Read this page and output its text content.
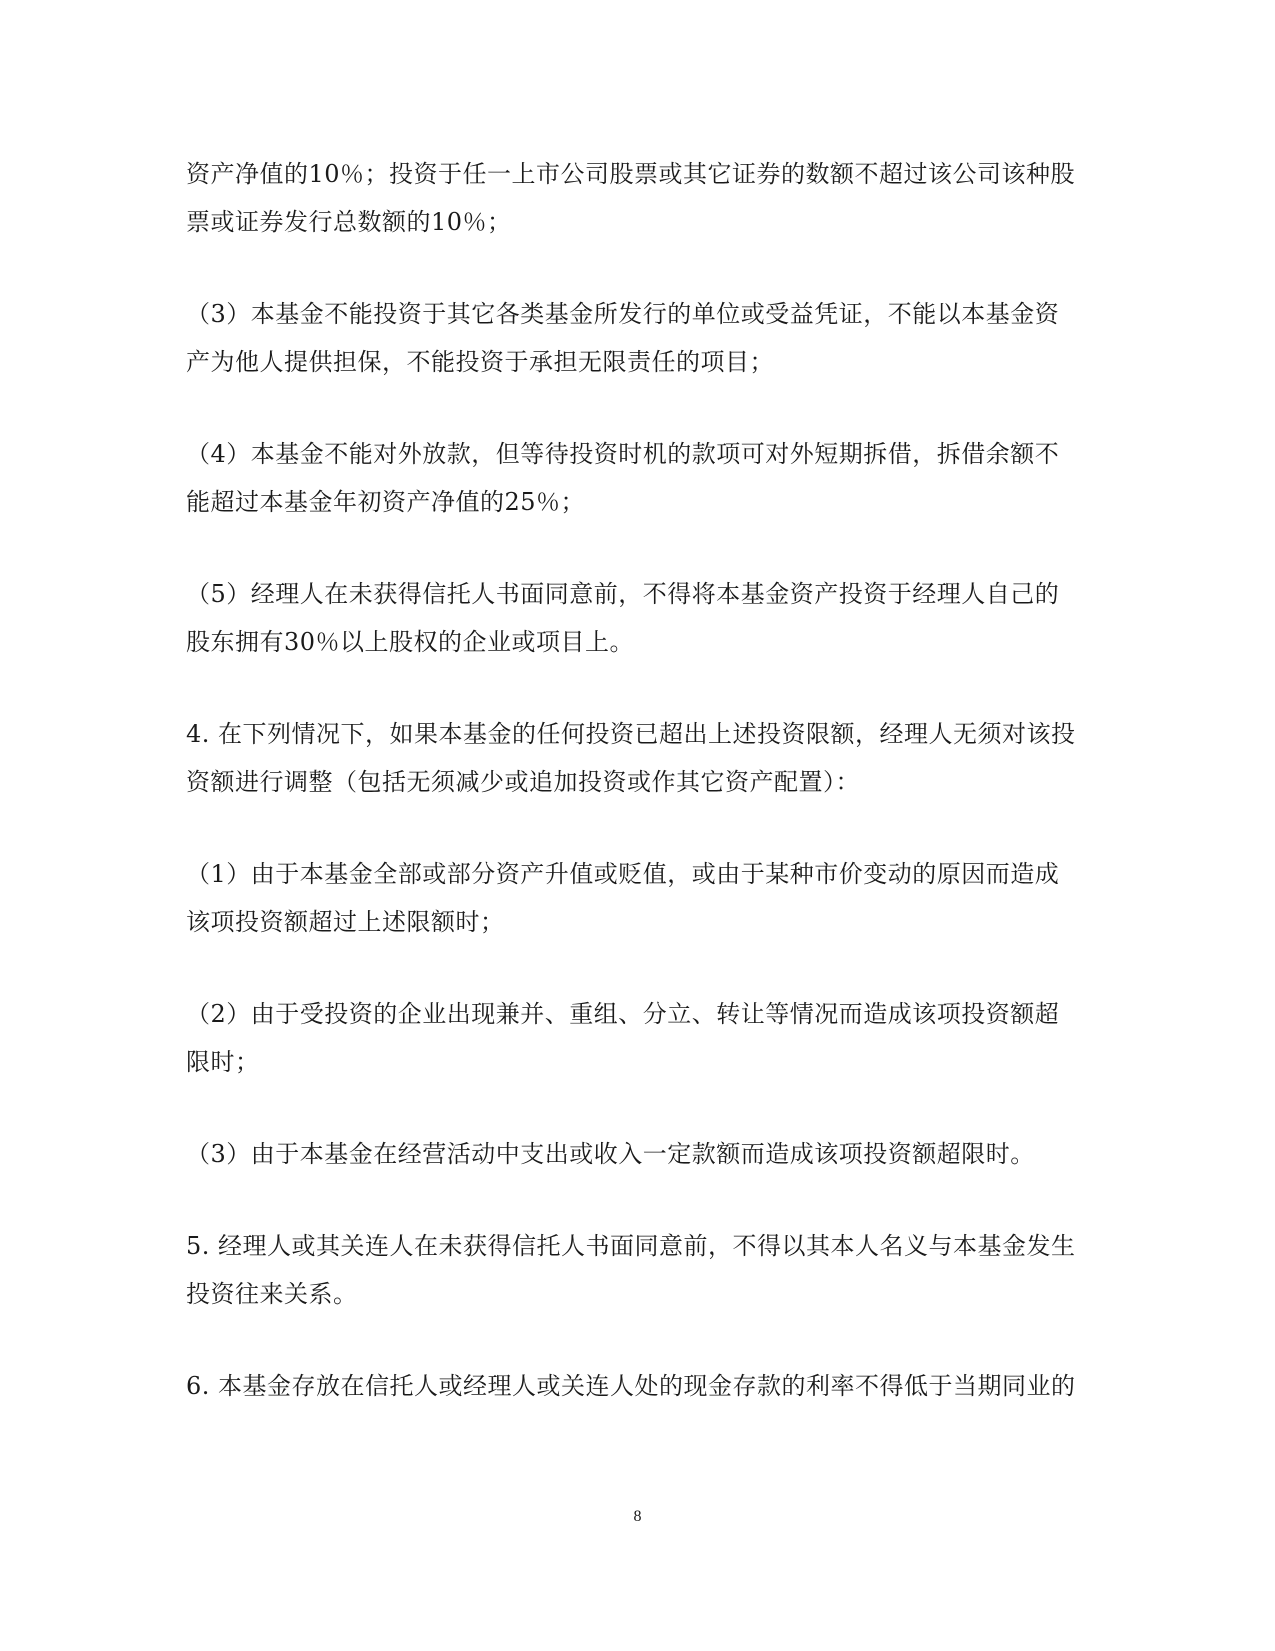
资产净值的10％；投资于任一上市公司股票或其它证券的数额不超过该公司该种股
票或证券发行总数额的10％；

（3）本基金不能投资于其它各类基金所发行的单位或受益凭证，不能以本基金资
产为他人提供担保，不能投资于承担无限责任的项目；

（4）本基金不能对外放款，但等待投资时机的款项可对外短期拆借，拆借余额不
能超过本基金年初资产净值的25％；

（5）经理人在未获得信托人书面同意前，不得将本基金资产投资于经理人自己的
股东拥有30％以上股权的企业或项目上。

4. 在下列情况下，如果本基金的任何投资已超出上述投资限额，经理人无须对该投
资额进行调整（包括无须减少或追加投资或作其它资产配置）：

（1）由于本基金全部或部分资产升值或贬值，或由于某种市价变动的原因而造成
该项投资额超过上述限额时；

（2）由于受投资的企业出现兼并、重组、分立、转让等情况而造成该项投资额超
限时；

（3）由于本基金在经营活动中支出或收入一定款额而造成该项投资额超限时。

5. 经理人或其关连人在未获得信托人书面同意前，不得以其本人名义与本基金发生
投资往来关系。

6. 本基金存放在信托人或经理人或关连人处的现金存款的利率不得低于当期同业的

8
